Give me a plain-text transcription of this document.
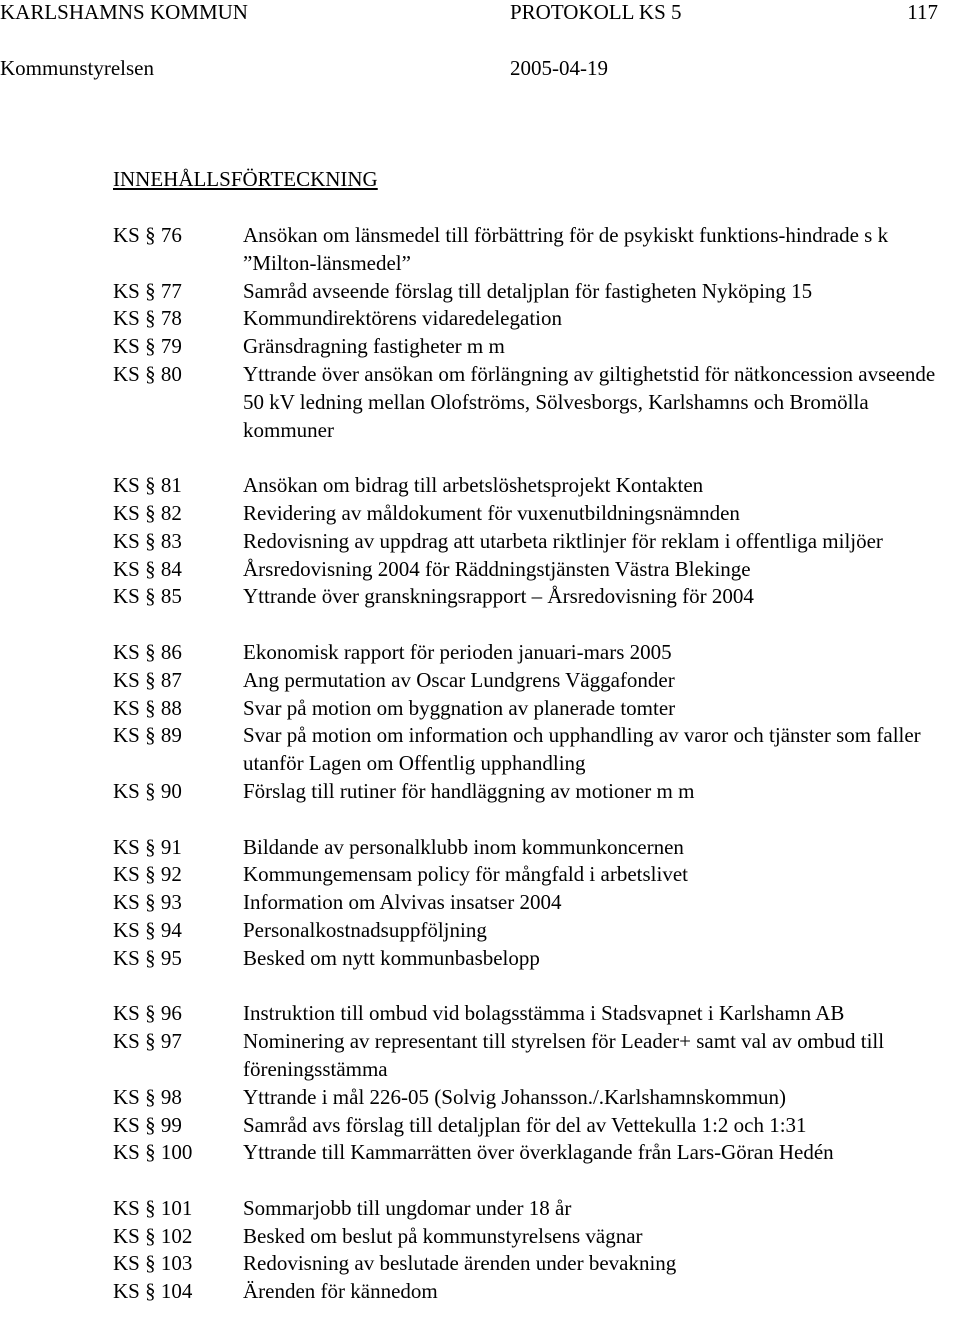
KARLSHAMNS KOMMUN	PROTOKOLL KS 5	117
Kommunstyrelsen	2005-04-19
INNEHÅLLSFÖRTECKNING
KS § 76	Ansökan om länsmedel till förbättring för de psykiskt funktions-hindrade s k ”Milton-länsmedel”
KS § 77	Samråd avseende förslag till detaljplan för fastigheten Nyköping 15
KS § 78	Kommundirektörens vidaredelegation
KS § 79	Gränsdragning fastigheter m m
KS § 80	Yttrande över ansökan om förlängning av giltighetstid för nätkoncession avseende 50 kV ledning mellan Olofströms, Sölvesborgs, Karlshamns och Bromölla kommuner
KS § 81	Ansökan om bidrag till arbetslöshetsprojekt Kontakten
KS § 82	Revidering av måldokument för vuxenutbildningsnämnden
KS § 83	Redovisning av uppdrag att utarbeta riktlinjer för reklam i offentliga miljöer
KS § 84	Årsredovisning 2004 för Räddningstjänsten Västra Blekinge
KS § 85	Yttrande över granskningsrapport – Årsredovisning för 2004
KS § 86	Ekonomisk rapport för perioden januari-mars 2005
KS § 87	Ang permutation av Oscar Lundgrens Väggafonder
KS § 88	Svar på motion om byggnation av planerade tomter
KS § 89	Svar på motion om information och upphandling av varor och tjänster som faller utanför Lagen om Offentlig upphandling
KS § 90	Förslag till rutiner för handläggning av motioner m m
KS § 91	Bildande av personalklubb inom kommunkoncernen
KS § 92	Kommungemensam policy för mångfald i arbetslivet
KS § 93	Information om Alvivas insatser 2004
KS § 94	Personalkostnadsuppföljning
KS § 95	Besked om nytt kommunbasbelopp
KS § 96	Instruktion till ombud vid bolagsstämma i Stadsvapnet i Karlshamn AB
KS § 97	Nominering av representant till styrelsen för Leader+ samt val av ombud till föreningsstämma
KS § 98	Yttrande i mål 226-05 (Solvig Johansson./.Karlshamnskommun)
KS § 99	Samråd avs förslag till detaljplan för del av Vettekulla 1:2 och 1:31
KS § 100	Yttrande till Kammarrätten över överklagande från Lars-Göran Hedén
KS § 101	Sommarjobb till ungdomar under 18 år
KS § 102	Besked om beslut på kommunstyrelsens vägnar
KS § 103	Redovisning av beslutade ärenden under bevakning
KS § 104	Ärenden för kännedom
